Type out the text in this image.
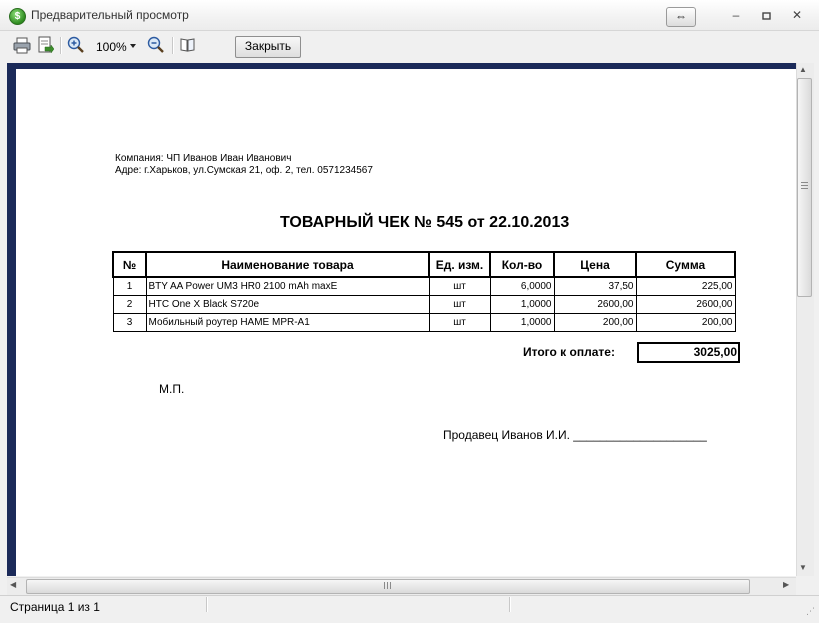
$ Предварительный просмотр	⇔	–	✕
100%	Закрыть
Компания: ЧП Иванов Иван Иванович
Адре: г.Харьков, ул.Сумская 21, оф. 2, тел. 0571234567
ТОВАРНЫЙ ЧЕК № 545 от 22.10.2013
№	Наименование товара	Ед. изм.	Кол-во	Цена	Сумма
1	BTY AA Power UM3 HR0 2100 mAh maxE	шт	6,0000	37,50	225,00
2	HTC One X Black S720e	шт	1,0000	2600,00	2600,00
3	Мобильный роутер HAME MPR-A1	шт	1,0000	200,00	200,00
Итого к оплате:	3025,00
М.П.
Продавец Иванов И.И. ____________________
▲
▼
◀	▶
Страница 1 из 1	⋰
